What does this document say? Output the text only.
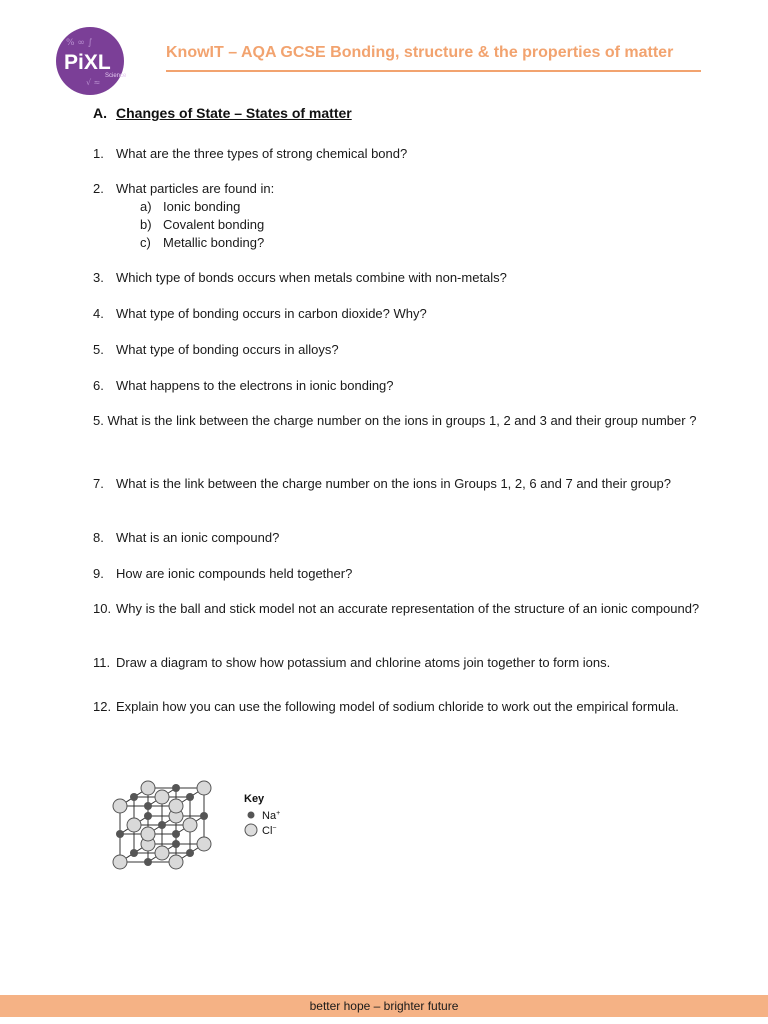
% ∞ ∫
√ ≈
PiXL
Science
KnowIT – AQA GCSE Bonding, structure & the properties of matter
A. Changes of State – States of matter
1. What are the three types of strong chemical bond?
2. What particles are found in:
a) Ionic bonding
b) Covalent bonding
c) Metallic bonding?
3. Which type of bonds occurs when metals combine with non-metals?
4. What type of bonding occurs in carbon dioxide? Why?
5. What type of bonding occurs in alloys?
6. What happens to the electrons in ionic bonding?
5. What is the link between the charge number on the ions in groups 1, 2 and 3 and their group number ?
7. What is the link between the charge number on the ions in Groups 1, 2, 6 and 7 and their group?
8. What is an ionic compound?
9. How are ionic compounds held together?
10. Why is the ball and stick model not an accurate representation of the structure of an ionic compound?
11. Draw a diagram to show how potassium and chlorine atoms join together to form ions.
12. Explain how you can use the following model of sodium chloride to work out the empirical formula.
Key
Na+
Cl−
better hope – brighter future
